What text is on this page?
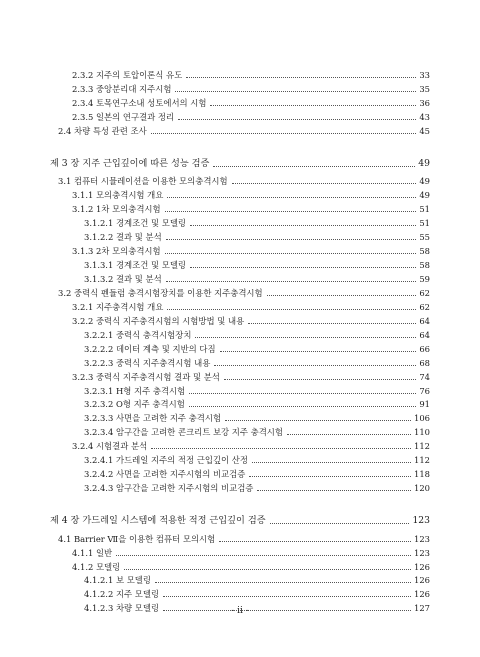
2.3.2 지주의 토압이론식 유도	33
2.3.3 중앙분리대 지주시험	35
2.3.4 토목연구소내 성토에서의 시험	36
2.3.5 일본의 연구결과 정리	43
2.4 차량 특성 관련 조사	45
제 3 장 지주 근입깊이에 따른 성능 검증	49
3.1 컴퓨터 시뮬레이션을 이용한 모의충격시험	49
3.1.1 모의충격시험 개요	49
3.1.2 1차 모의충격시험	51
3.1.2.1 경계조건 및 모델링	51
3.1.2.2 결과 및 분석	55
3.1.3 2차 모의충격시험	58
3.1.3.1 경계조건 및 모델링	58
3.1.3.2 결과 및 분석	59
3.2 중력식 펜듈럼 충격시험장치를 이용한 지주충격시험	62
3.2.1 지주충격시험 개요	62
3.2.2 중력식 지주충격시험의 시험방법 및 내용	64
3.2.2.1 중력식 충격시험장치	64
3.2.2.2 데이터 계측 및 지반의 다짐	66
3.2.2.3 중력식 지주충격시험 내용	68
3.2.3 중력식 지주충격시험 결과 및 분석	74
3.2.3.1 H형 지주 충격시험	76
3.2.3.2 O형 지주 충격시험	91
3.2.3.3 사면을 고려한 지주 충격시험	106
3.2.3.4 암구간을 고려한 콘크리트 보강 지주 충격시험	110
3.2.4 시험결과 분석	112
3.2.4.1 가드레일 지주의 적정 근입깊이 산정	112
3.2.4.2 사면을 고려한 지주시험의 비교검증	118
3.2.4.3 암구간을 고려한 지주시험의 비교검증	120
제 4 장 가드레일 시스템에 적용한 적정 근입깊이 검증	123
4.1 Barrier Ⅶ을 이용한 컴퓨터 모의시험	123
4.1.1 일반	123
4.1.2 모델링	126
4.1.2.1 보 모델링	126
4.1.2.2 지주 모델링	126
4.1.2.3 차량 모델링	127
- ii -
